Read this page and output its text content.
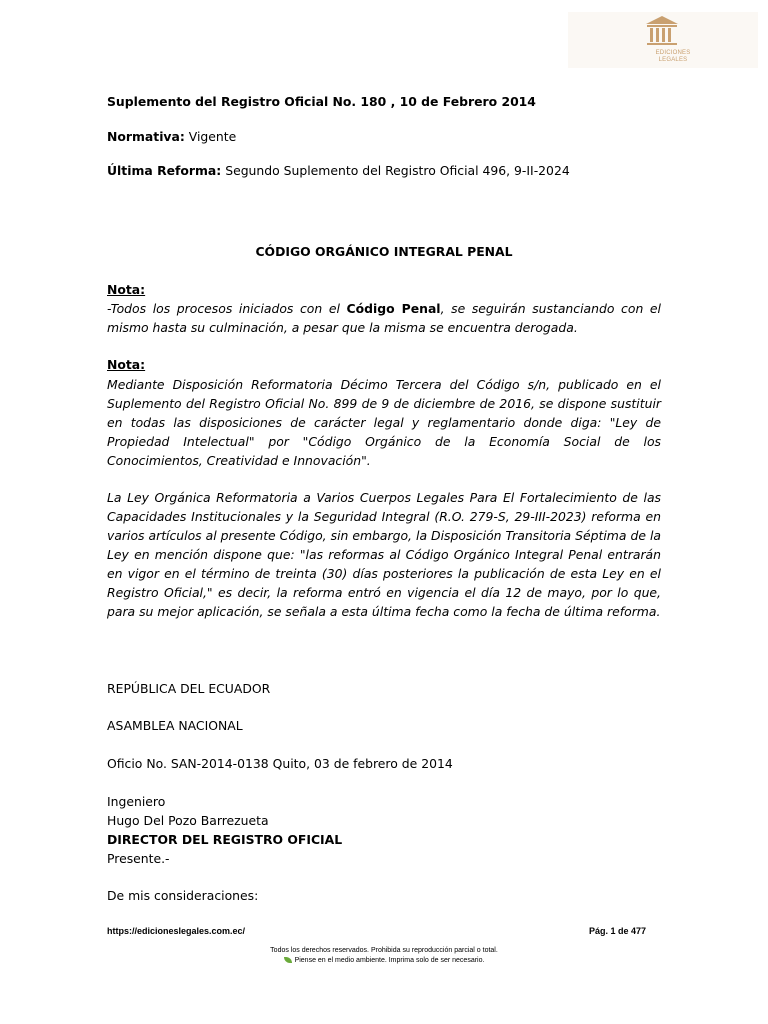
EDICIONES
LEGALES
Suplemento del Registro Oficial No. 180 , 10 de Febrero 2014
Normativa: Vigente
Última Reforma: Segundo Suplemento del Registro Oficial 496, 9-II-2024
CÓDIGO ORGÁNICO INTEGRAL PENAL
Nota:
-Todos los procesos iniciados con el Código Penal, se seguirán sustanciando con el mismo hasta su culminación, a pesar que la misma se encuentra derogada.
Nota:
Mediante Disposición Reformatoria Décimo Tercera del Código s/n, publicado en el Suplemento del Registro Oficial No. 899 de 9 de diciembre de 2016, se dispone sustituir en todas las disposiciones de carácter legal y reglamentario donde diga: "Ley de Propiedad Intelectual" por "Código Orgánico de la Economía Social de los Conocimientos, Creatividad e Innovación".
La Ley Orgánica Reformatoria a Varios Cuerpos Legales Para El Fortalecimiento de las Capacidades Institucionales y la Seguridad Integral (R.O. 279-S, 29-III-2023) reforma en varios artículos al presente Código, sin embargo, la Disposición Transitoria Séptima de la Ley en mención dispone que: "las reformas al Código Orgánico Integral Penal entrarán en vigor en el término de treinta (30) días posteriores la publicación de esta Ley en el Registro Oficial," es decir, la reforma entró en vigencia el día 12 de mayo, por lo que, para su mejor aplicación, se señala a esta última fecha como la fecha de última reforma.
REPÚBLICA DEL ECUADOR
ASAMBLEA NACIONAL
Oficio No. SAN-2014-0138 Quito, 03 de febrero de 2014
Ingeniero
Hugo Del Pozo Barrezueta
DIRECTOR DEL REGISTRO OFICIAL
Presente.-
De mis consideraciones:
https://edicioneslegales.com.ec/	Pág. 1 de 477
Todos los derechos reservados. Prohibida su reproducción parcial o total.
Piense en el medio ambiente. Imprima solo de ser necesario.
